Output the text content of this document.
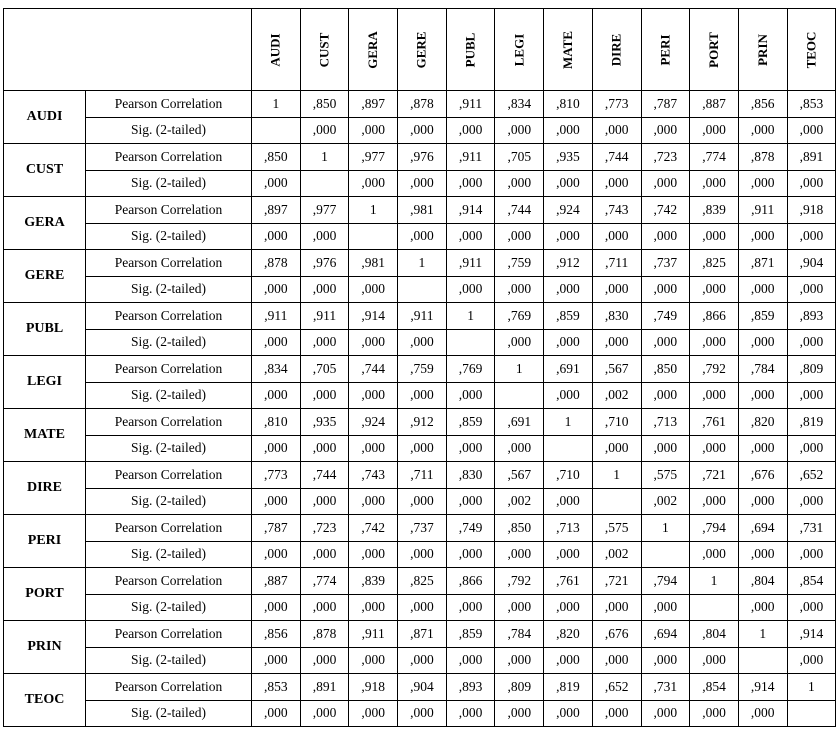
		AUDI	CUST	GERA	GERE	PUBL	LEGI	MATE	DIRE	PERI	PORT	PRIN	TEOC
AUDI	Pearson Correlation	1	,850	,897	,878	,911	,834	,810	,773	,787	,887	,856	,853
	Sig. (2-tailed)		,000	,000	,000	,000	,000	,000	,000	,000	,000	,000	,000
CUST	Pearson Correlation	,850	1	,977	,976	,911	,705	,935	,744	,723	,774	,878	,891
	Sig. (2-tailed)	,000		,000	,000	,000	,000	,000	,000	,000	,000	,000	,000
GERA	Pearson Correlation	,897	,977	1	,981	,914	,744	,924	,743	,742	,839	,911	,918
	Sig. (2-tailed)	,000	,000		,000	,000	,000	,000	,000	,000	,000	,000	,000
GERE	Pearson Correlation	,878	,976	,981	1	,911	,759	,912	,711	,737	,825	,871	,904
	Sig. (2-tailed)	,000	,000	,000		,000	,000	,000	,000	,000	,000	,000	,000
PUBL	Pearson Correlation	,911	,911	,914	,911	1	,769	,859	,830	,749	,866	,859	,893
	Sig. (2-tailed)	,000	,000	,000	,000		,000	,000	,000	,000	,000	,000	,000
LEGI	Pearson Correlation	,834	,705	,744	,759	,769	1	,691	,567	,850	,792	,784	,809
	Sig. (2-tailed)	,000	,000	,000	,000	,000		,000	,002	,000	,000	,000	,000
MATE	Pearson Correlation	,810	,935	,924	,912	,859	,691	1	,710	,713	,761	,820	,819
	Sig. (2-tailed)	,000	,000	,000	,000	,000	,000		,000	,000	,000	,000	,000
DIRE	Pearson Correlation	,773	,744	,743	,711	,830	,567	,710	1	,575	,721	,676	,652
	Sig. (2-tailed)	,000	,000	,000	,000	,000	,002	,000		,002	,000	,000	,000
PERI	Pearson Correlation	,787	,723	,742	,737	,749	,850	,713	,575	1	,794	,694	,731
	Sig. (2-tailed)	,000	,000	,000	,000	,000	,000	,000	,002		,000	,000	,000
PORT	Pearson Correlation	,887	,774	,839	,825	,866	,792	,761	,721	,794	1	,804	,854
	Sig. (2-tailed)	,000	,000	,000	,000	,000	,000	,000	,000	,000		,000	,000
PRIN	Pearson Correlation	,856	,878	,911	,871	,859	,784	,820	,676	,694	,804	1	,914
	Sig. (2-tailed)	,000	,000	,000	,000	,000	,000	,000	,000	,000	,000		,000
TEOC	Pearson Correlation	,853	,891	,918	,904	,893	,809	,819	,652	,731	,854	,914	1
	Sig. (2-tailed)	,000	,000	,000	,000	,000	,000	,000	,000	,000	,000	,000	
